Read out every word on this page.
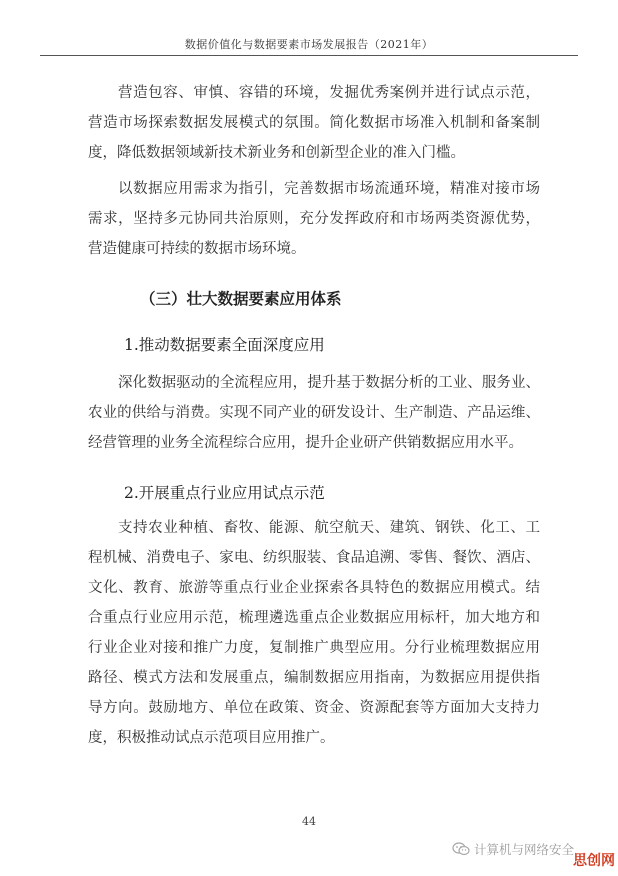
数据价值化与数据要素市场发展报告（2021年）
营造包容、审慎、容错的环境，发掘优秀案例并进行试点示范，
营造市场探索数据发展模式的氛围。简化数据市场准入机制和备案制
度，降低数据领域新技术新业务和创新型企业的准入门槛。
以数据应用需求为指引，完善数据市场流通环境，精准对接市场
需求，坚持多元协同共治原则，充分发挥政府和市场两类资源优势，
营造健康可持续的数据市场环境。
（三）壮大数据要素应用体系
1.推动数据要素全面深度应用
深化数据驱动的全流程应用，提升基于数据分析的工业、服务业、
农业的供给与消费。实现不同产业的研发设计、生产制造、产品运维、
经营管理的业务全流程综合应用，提升企业研产供销数据应用水平。
2.开展重点行业应用试点示范
支持农业种植、畜牧、能源、航空航天、建筑、钢铁、化工、工
程机械、消费电子、家电、纺织服装、食品追溯、零售、餐饮、酒店、
文化、教育、旅游等重点行业企业探索各具特色的数据应用模式。结
合重点行业应用示范，梳理遴选重点企业数据应用标杆，加大地方和
行业企业对接和推广力度，复制推广典型应用。分行业梳理数据应用
路径、模式方法和发展重点，编制数据应用指南，为数据应用提供指
导方向。鼓励地方、单位在政策、资金、资源配套等方面加大支持力
度，积极推动试点示范项目应用推广。
44
计算机与网络安全
思创网
